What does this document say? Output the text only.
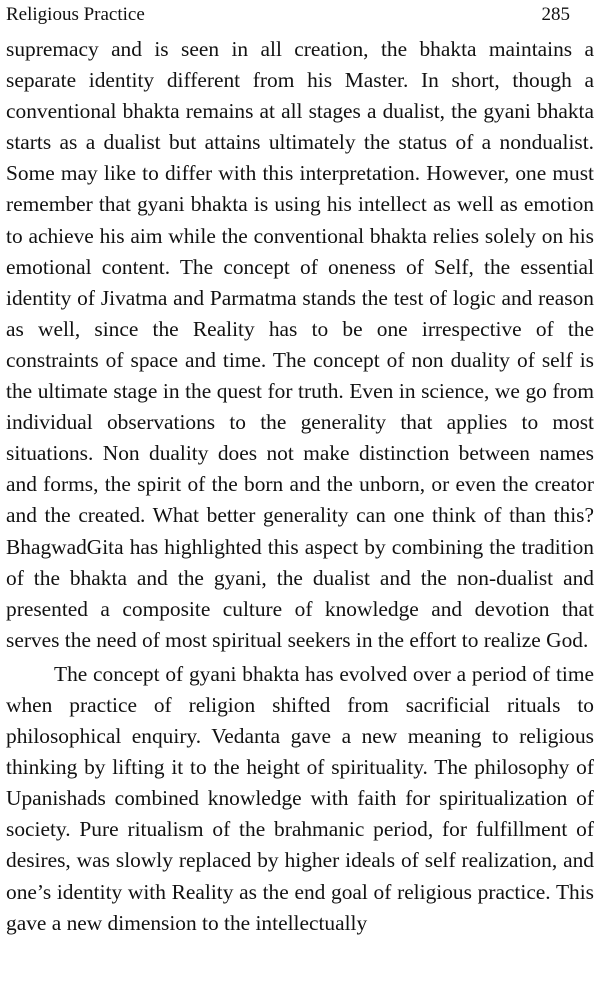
Religious Practice	285

supremacy and is seen in all creation, the bhakta maintains a separate identity different from his Master. In short, though a conventional bhakta remains at all stages a dualist, the gyani bhakta starts as a dualist but attains ultimately the status of a nondualist. Some may like to differ with this interpretation. However, one must remember that gyani bhakta is using his intellect as well as emotion to achieve his aim while the conventional bhakta relies solely on his emotional content. The concept of oneness of Self, the essential identity of Jivatma and Parmatma stands the test of logic and reason as well, since the Reality has to be one irrespective of the constraints of space and time. The concept of non duality of self is the ultimate stage in the quest for truth. Even in science, we go from individual observations to the generality that applies to most situations. Non duality does not make distinction between names and forms, the spirit of the born and the unborn, or even the creator and the created. What better generality can one think of than this? BhagwadGita has highlighted this aspect by combining the tradition of the bhakta and the gyani, the dualist and the non-dualist and presented a composite culture of knowledge and devotion that serves the need of most spiritual seekers in the effort to realize God.

The concept of gyani bhakta has evolved over a period of time when practice of religion shifted from sacrificial rituals to philosophical enquiry. Vedanta gave a new meaning to religious thinking by lifting it to the height of spirituality. The philosophy of Upanishads combined knowledge with faith for spiritualization of society. Pure ritualism of the brahmanic period, for fulfillment of desires, was slowly replaced by higher ideals of self realization, and one’s identity with Reality as the end goal of religious practice. This gave a new dimension to the intellectually
